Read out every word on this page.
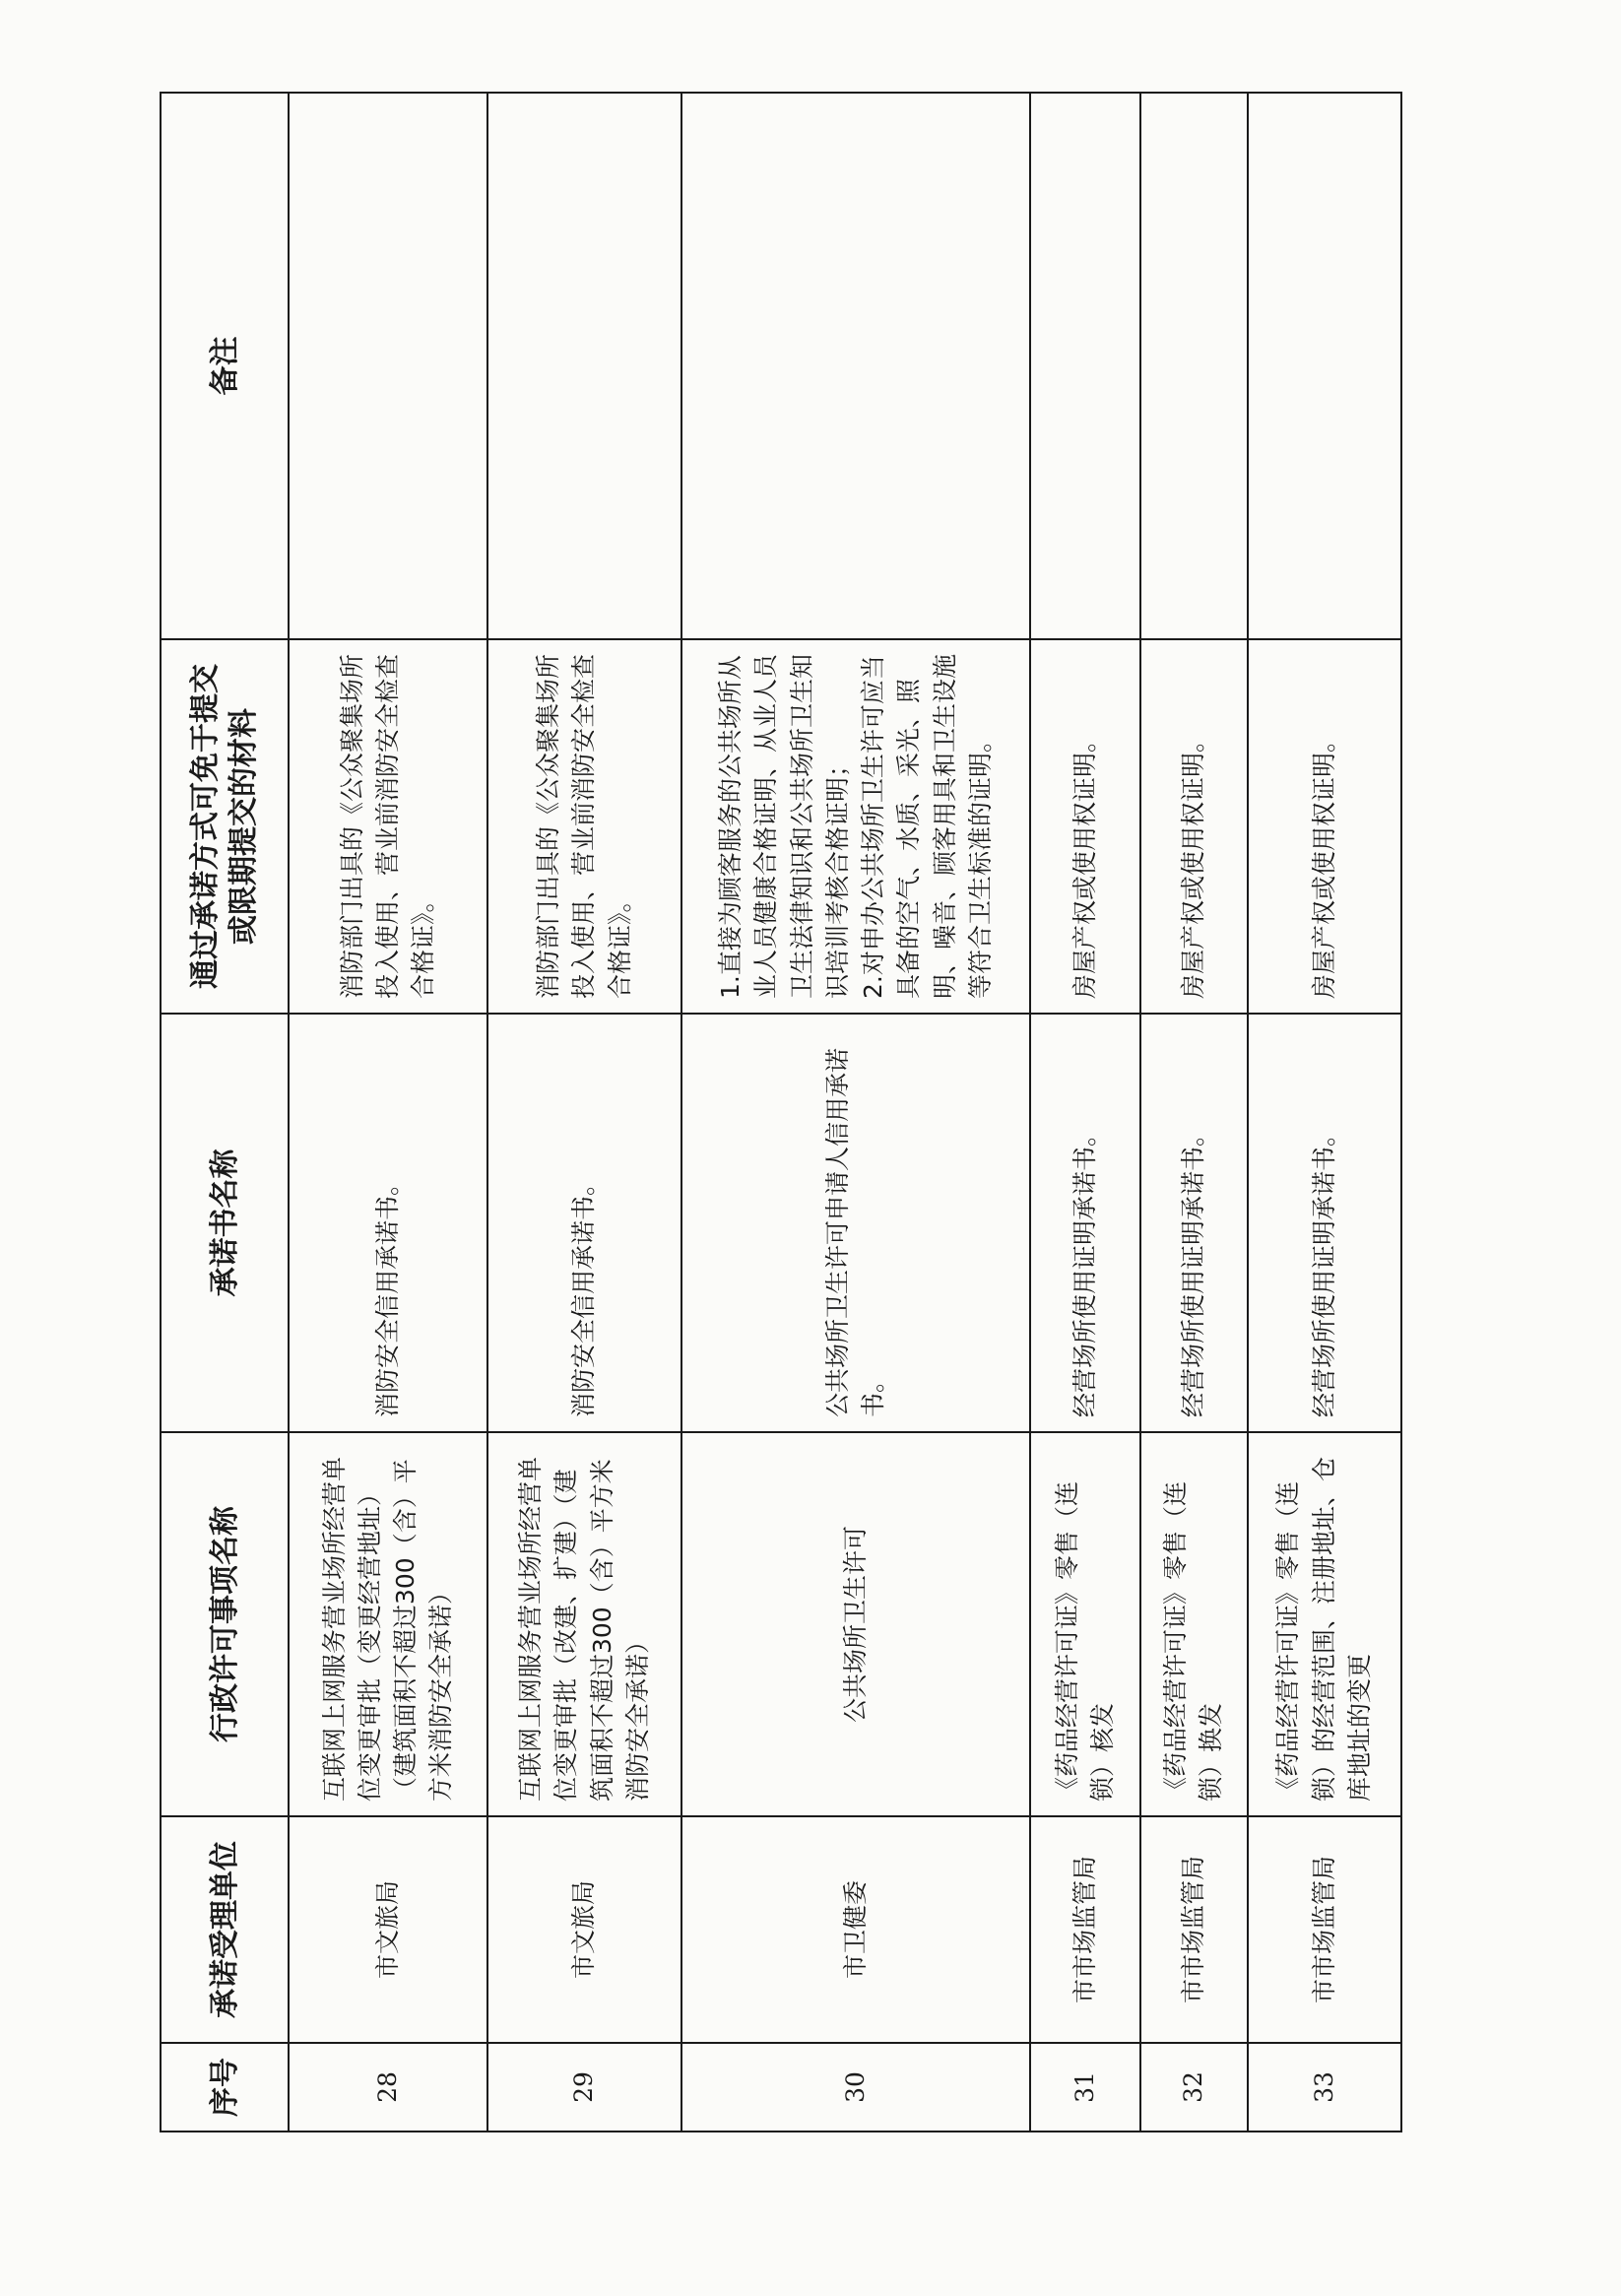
序号	承诺受理单位	行政许可事项名称	承诺书名称	通过承诺方式可免于提交或限期提交的材料	备注
28	市文旅局	互联网上网服务营业场所经营单位变更审批（变更经营地址）（建筑面积不超过300（含）平方米消防安全承诺）	消防安全信用承诺书。	消防部门出具的《公众聚集场所投入使用、营业前消防安全检查合格证》。	

29	市文旅局	互联网上网服务营业场所经营单位变更审批（改建、扩建）（建筑面积不超过300（含）平方米消防安全承诺）	消防安全信用承诺书。	消防部门出具的《公众聚集场所投入使用、营业前消防安全检查合格证》。	

30	市卫健委	公共场所卫生许可	公共场所卫生许可申请人信用承诺书。	1.直接为顾客服务的公共场所从业人员健康合格证明、从业人员卫生法律知识和公共场所卫生知识培训考核合格证明； 2.对申办公共场所卫生许可应当具备的空气、水质、采光、照明、噪音、顾客用具和卫生设施等符合卫生标准的证明。	

31	市市场监管局	《药品经营许可证》零售（连锁）核发	经营场所使用证明承诺书。	房屋产权或使用权证明。	

32	市市场监管局	《药品经营许可证》零售（连锁）换发	经营场所使用证明承诺书。	房屋产权或使用权证明。	

33	市市场监管局	《药品经营许可证》零售（连锁）的经营范围、注册地址、仓库地址的变更	经营场所使用证明承诺书。	房屋产权或使用权证明。	
